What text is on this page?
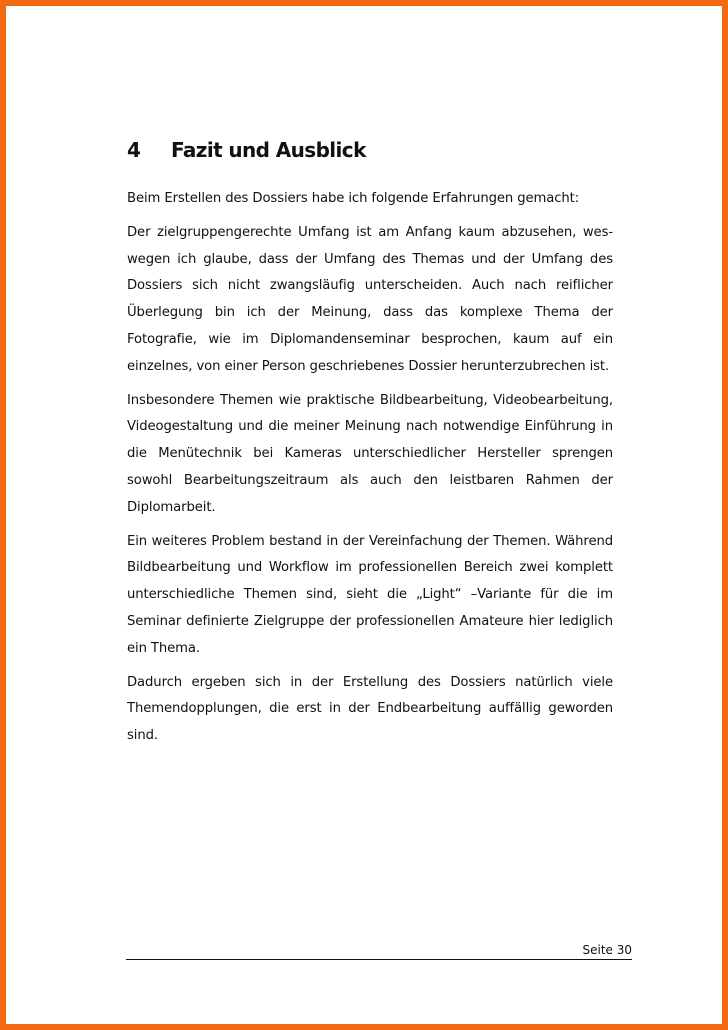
4	Fazit und Ausblick

Beim Erstellen des Dossiers habe ich folgende Erfahrungen gemacht:

Der zielgruppengerechte Umfang ist am Anfang kaum abzusehen, wes-wegen ich glaube, dass der Umfang des Themas und der Umfang des Dossiers sich nicht zwangsläufig unterscheiden. Auch nach reiflicher Überlegung bin ich der Meinung, dass das komplexe Thema der Fotografie, wie im Diplomandenseminar besprochen, kaum auf ein einzelnes, von einer Person geschriebenes Dossier herunterzubrechen ist.

Insbesondere Themen wie praktische Bildbearbeitung, Videobearbeitung, Videogestaltung und die meiner Meinung nach notwendige Einführung in die Menütechnik bei Kameras unterschiedlicher Hersteller sprengen sowohl Bearbeitungszeitraum als auch den leistbaren Rahmen der Diplomarbeit.

Ein weiteres Problem bestand in der Vereinfachung der Themen. Während Bildbearbeitung und Workflow im professionellen Bereich zwei komplett unterschiedliche Themen sind, sieht die „Light“ –Variante für die im Seminar definierte Zielgruppe der professionellen Amateure hier lediglich ein Thema.

Dadurch ergeben sich in der Erstellung des Dossiers natürlich viele Themendopplungen, die erst in der Endbearbeitung auffällig geworden sind.

Seite 30
